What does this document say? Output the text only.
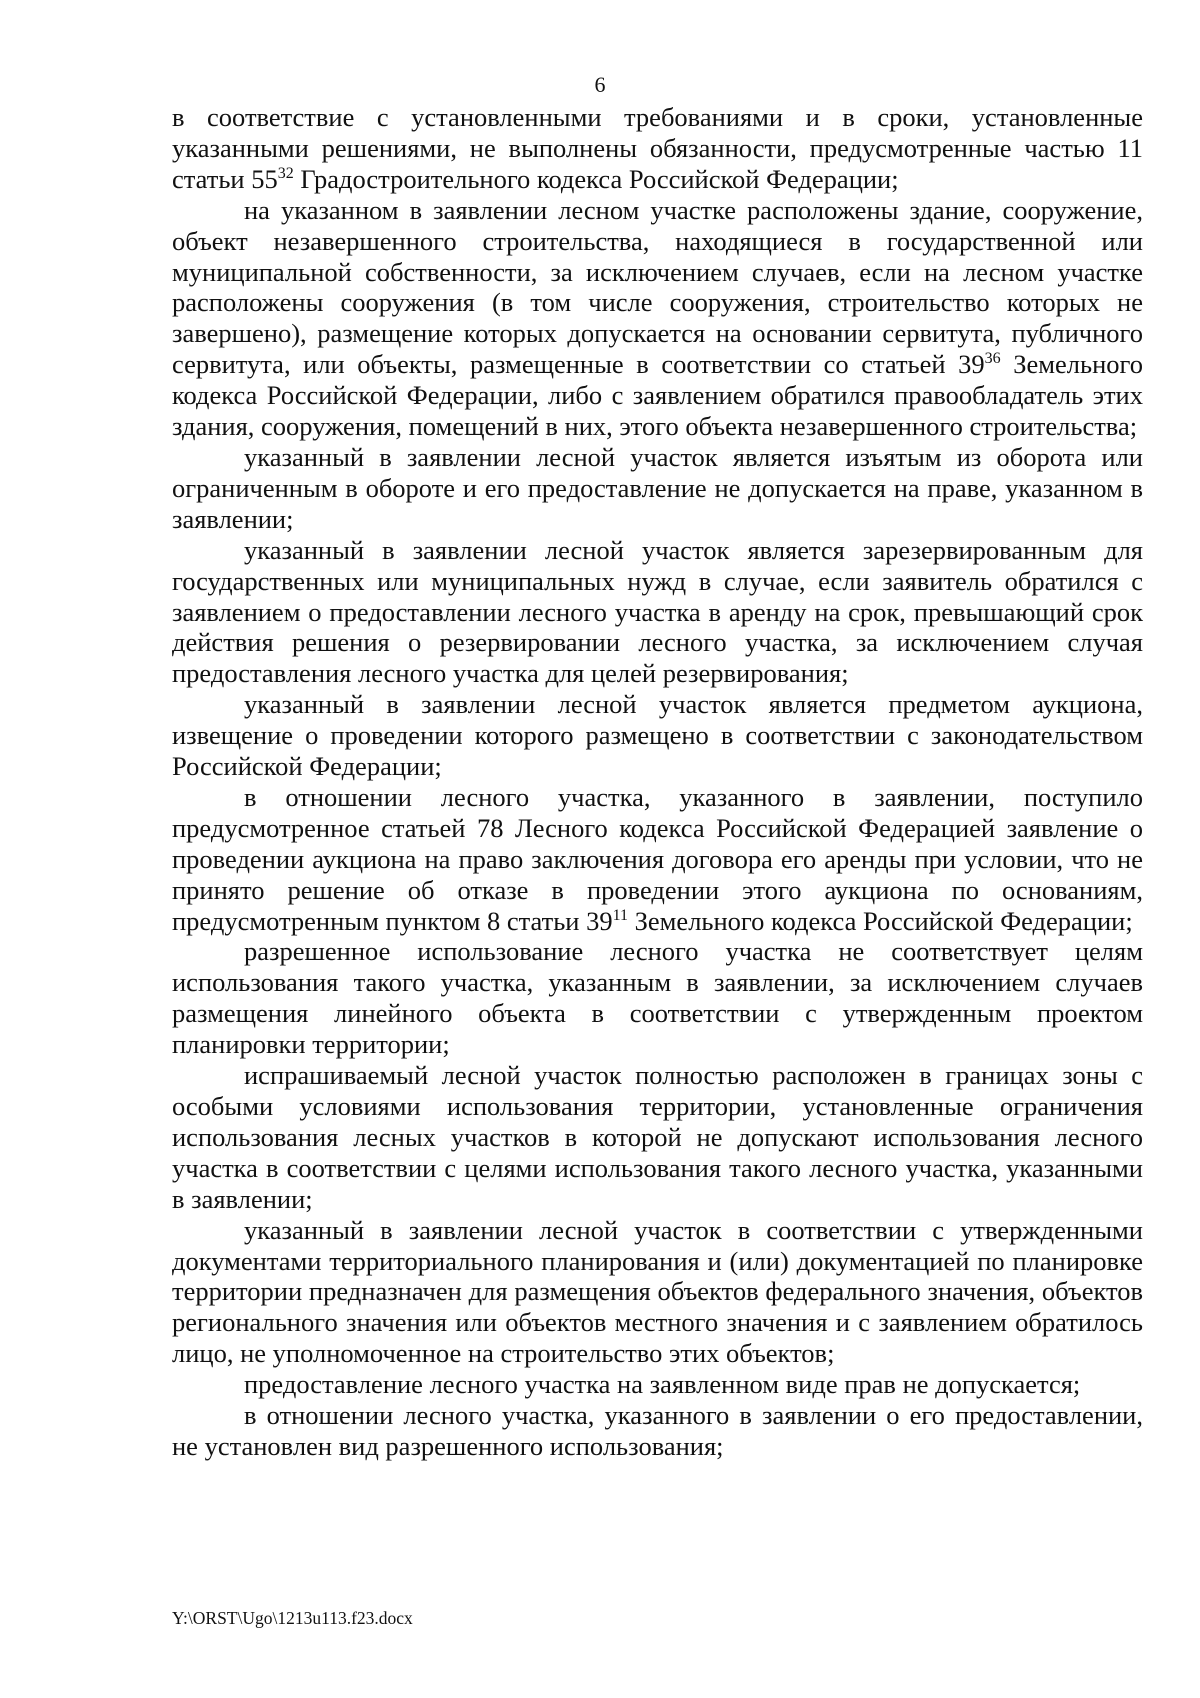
6

в соответствие с установленными требованиями и в сроки, установленные указанными решениями, не выполнены обязанности, предусмотренные частью 11 статьи $55^{32}$ Градостроительного кодекса Российской Федерации;

на указанном в заявлении лесном участке расположены здание, сооружение, объект незавершенного строительства, находящиеся в государственной или муниципальной собственности, за исключением случаев, если на лесном участке расположены сооружения (в том числе сооружения, строительство которых не завершено), размещение которых допускается на основании сервитута, публичного сервитута, или объекты, размещенные в соответствии со статьей $39^{36}$ Земельного кодекса Российской Федерации, либо с заявлением обратился правообладатель этих здания, сооружения, помещений в них, этого объекта незавершенного строительства;

указанный в заявлении лесной участок является изъятым из оборота или ограниченным в обороте и его предоставление не допускается на праве, указанном в заявлении;

указанный в заявлении лесной участок является зарезервированным для государственных или муниципальных нужд в случае, если заявитель обратился с заявлением о предоставлении лесного участка в аренду на срок, превышающий срок действия решения о резервировании лесного участка, за исключением случая предоставления лесного участка для целей резервирования;

указанный в заявлении лесной участок является предметом аукциона, извещение о проведении которого размещено в соответствии с законодательством Российской Федерации;

в отношении лесного участка, указанного в заявлении, поступило предусмотренное статьей 78 Лесного кодекса Российской Федерацией заявление о проведении аукциона на право заключения договора его аренды при условии, что не принято решение об отказе в проведении этого аукциона по основаниям, предусмотренным пунктом 8 статьи $39^{11}$ Земельного кодекса Российской Федерации;

разрешенное использование лесного участка не соответствует целям использования такого участка, указанным в заявлении, за исключением случаев размещения линейного объекта в соответствии с утвержденным проектом планировки территории;

испрашиваемый лесной участок полностью расположен в границах зоны с особыми условиями использования территории, установленные ограничения использования лесных участков в которой не допускают использования лесного участка в соответствии с целями использования такого лесного участка, указанными в заявлении;

указанный в заявлении лесной участок в соответствии с утвержденными документами территориального планирования и (или) документацией по планировке территории предназначен для размещения объектов федерального значения, объектов регионального значения или объектов местного значения и с заявлением обратилось лицо, не уполномоченное на строительство этих объектов;

предоставление лесного участка на заявленном виде прав не допускается;

в отношении лесного участка, указанного в заявлении о его предоставлении, не установлен вид разрешенного использования;

Y:\ORST\Ugo\1213u113.f23.docx
